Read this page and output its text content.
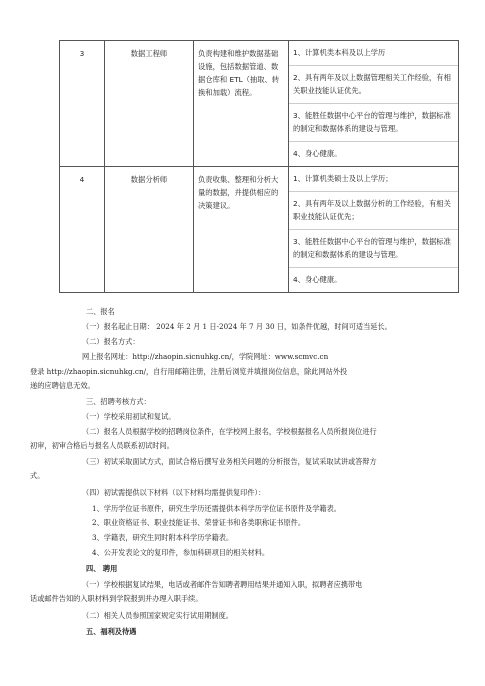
3	数据工程师	负责构建和维护数据基础设施，包括数据管道、数据仓库和 ETL（抽取、转换和加载）流程。	1、计算机类本科及以上学历
2、具有两年及以上数据管理相关工作经验，有相关职业技能认证优先。
3、能胜任数据中心平台的管理与维护，数据标准的制定和数据体系的建设与管理。
4、身心健康。

4	数据分析师	负责收集、整理和分析大量的数据，并提供相应的决策建议。	1、计算机类硕士及以上学历；
2、具有两年及以上数据分析的工作经验，有相关职业技能认证优先；
3、能胜任数据中心平台的管理与维护，数据标准的制定和数据体系的建设与管理。
4、身心健康。
二、报名
（一）报名起止日期： 2024 年 2 月 1 日-2024 年 7 月 30 日，如条件优越，时间可适当延长。
（二）报名方式：
网上报名网址：http://zhaopin.sicnuhkg.cn/，学院网址：www.scmvc.cn
登录 http://zhaopin.sicnuhkg.cn/，自行用邮箱注册，注册后浏览并填报岗位信息，除此网站外投
递的应聘信息无效。
三、招聘考核方式：
（一）学校采用初试和复试。
（二）报名人员根据学校的招聘岗位条件，在学校网上报名，学校根据报名人员所报岗位进行
初审，初审合格后与报名人员联系初试时间。
（三）初试采取面试方式，面试合格后撰写业务相关问题的分析报告，复试采取试讲或答辩方
式。
（四）初试需提供以下材料（以下材料均需提供复印件）：
1、学历学位证书原件，研究生学历还需提供本科学历学位证书原件及学籍表。
2、职业资格证书、职业技能证书、荣誉证书和各类职称证书原件。
3、学籍表，研究生同时附本科学历学籍表。
4、公开发表论文的复印件，参加科研项目的相关材料。
四、 聘用
（一）学校根据复试结果，电话或者邮件告知聘者聘用结果并通知入职，拟聘者应携带电
话或邮件告知的入职材料到学院报到并办理入职手续。
（二）相关人员参照国家规定实行试用期制度。
五、福利及待遇
